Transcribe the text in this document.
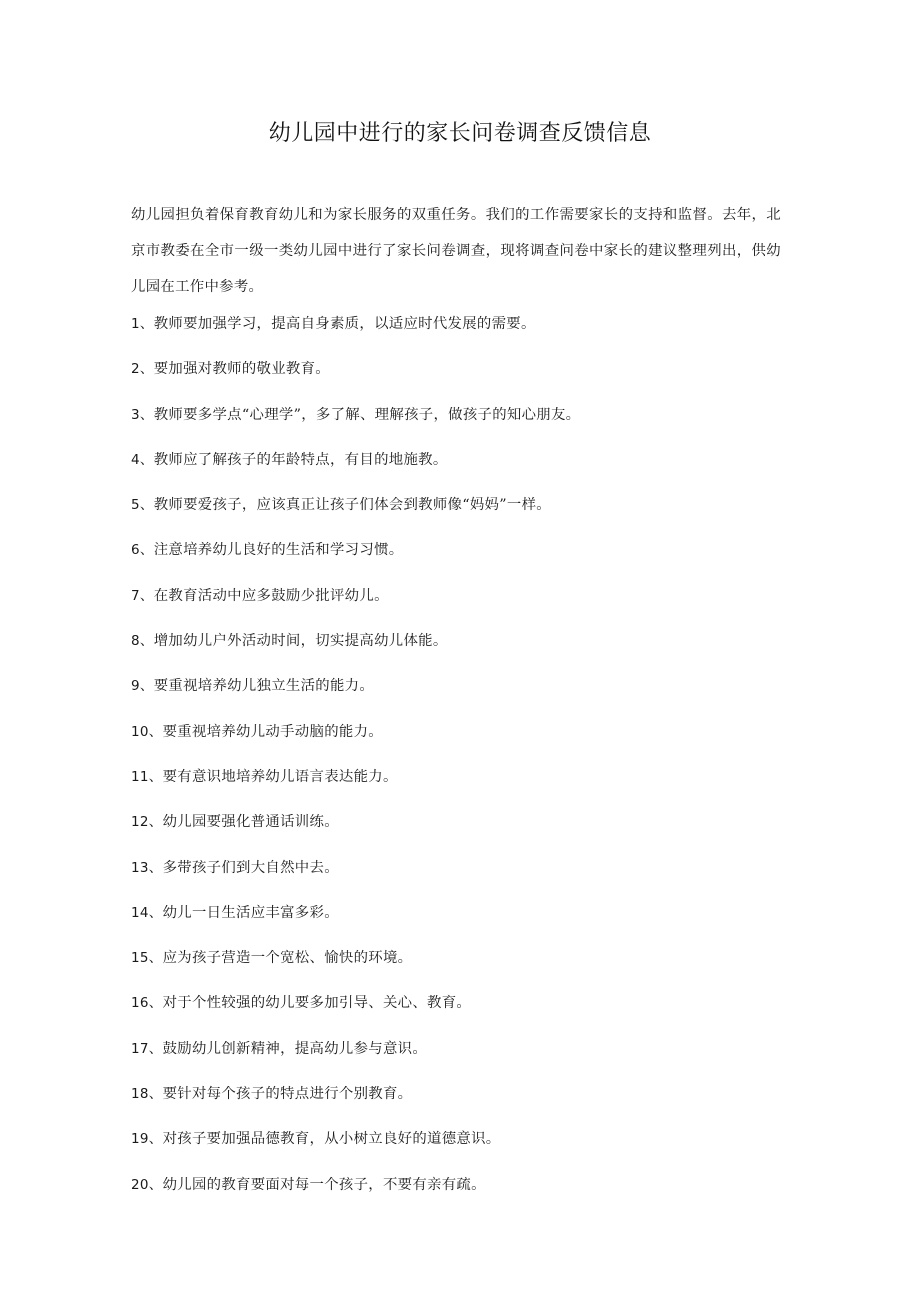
幼儿园中进行的家长问卷调查反馈信息

幼儿园担负着保育教育幼儿和为家长服务的双重任务。我们的工作需要家长的支持和监督。去年，北京市教委在全市一级一类幼儿园中进行了家长问卷调查，现将调查问卷中家长的建议整理列出，供幼儿园在工作中参考。

1、教师要加强学习，提高自身素质，以适应时代发展的需要。
2、要加强对教师的敬业教育。
3、教师要多学点“心理学”，多了解、理解孩子，做孩子的知心朋友。
4、教师应了解孩子的年龄特点，有目的地施教。
5、教师要爱孩子，应该真正让孩子们体会到教师像“妈妈”一样。
6、注意培养幼儿良好的生活和学习习惯。
7、在教育活动中应多鼓励少批评幼儿。
8、增加幼儿户外活动时间，切实提高幼儿体能。
9、要重视培养幼儿独立生活的能力。
10、要重视培养幼儿动手动脑的能力。
11、要有意识地培养幼儿语言表达能力。
12、幼儿园要强化普通话训练。
13、多带孩子们到大自然中去。
14、幼儿一日生活应丰富多彩。
15、应为孩子营造一个宽松、愉快的环境。
16、对于个性较强的幼儿要多加引导、关心、教育。
17、鼓励幼儿创新精神，提高幼儿参与意识。
18、要针对每个孩子的特点进行个别教育。
19、对孩子要加强品德教育，从小树立良好的道德意识。
20、幼儿园的教育要面对每一个孩子，不要有亲有疏。
